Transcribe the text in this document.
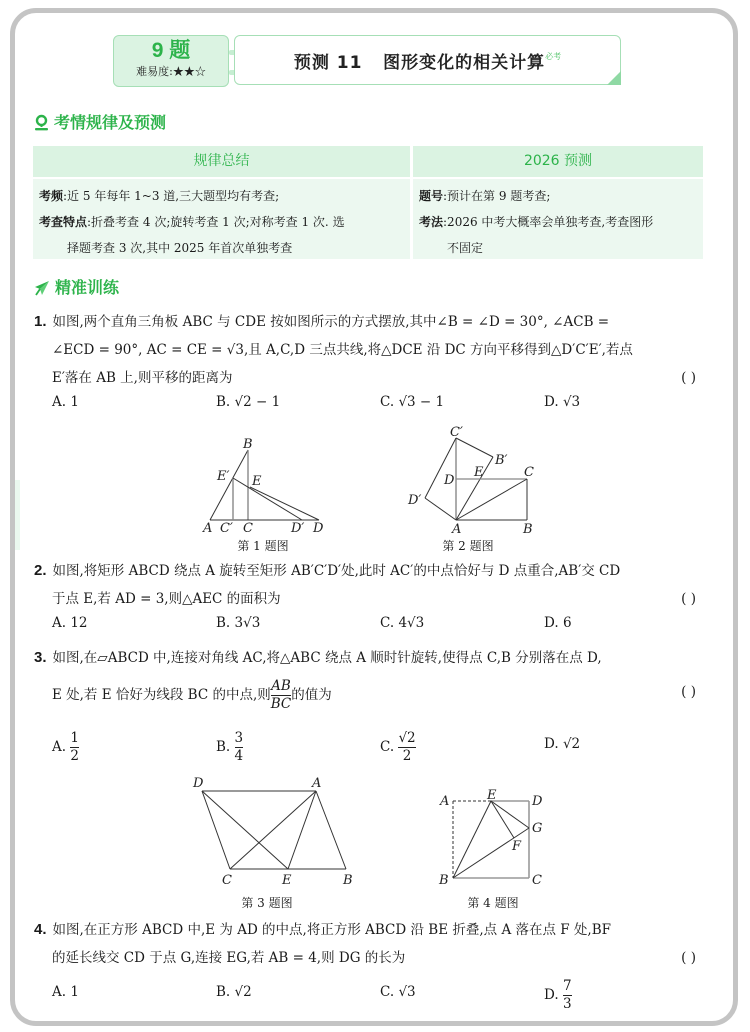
9 题
难易度:★★☆	预测 11   图形变化的相关计算$^{必考}$
考情规律及预测
规律总结	2026 预测
考频:近 5 年每年 1~3 道,三大题型均有考查;
考查特点:折叠考查 4 次;旋转考查 1 次;对称考查 1 次. 选
择题考查 3 次,其中 2025 年首次单独考查
题号:预计在第 9 题考查;
考法:2026 中考大概率会单独考查,考查图形
不固定
精准训练
1. 如图,两个直角三角板 ABC 与 CDE 按如图所示的方式摆放,其中∠B = ∠D = 30°, ∠ACB =
∠ECD = 90°, AC = CE = √3,且 A,C,D 三点共线,将△DCE 沿 DC 方向平移得到△D′C′E′,若点
E′落在 AB 上,则平移的距离为	( )
A. 1	B. √2 − 1	C. √3 − 1	D. √3
B
E′ E
A C′ C	D′ D
第 1 题图
C′
B′
D
E	C
D′
A	B
第 2 题图
2. 如图,将矩形 ABCD 绕点 A 旋转至矩形 AB′C′D′处,此时 AC′的中点恰好与 D 点重合,AB′交 CD
于点 E,若 AD = 3,则△AEC 的面积为	( )
A. 12	B. 3√3	C. 4√3	D. 6
3. 如图,在▱ABCD 中,连接对角线 AC,将△ABC 绕点 A 顺时针旋转,使得点 C,B 分别落在点 D,
E 处,若 E 恰好为线段 BC 的中点,则 $\frac{AB}{BC}$ 的值为	( )
A. $\frac{1}{2}$	B. $\frac{3}{4}$	C. $\frac{√2}{2}$	D. √2
D	A
C	E	B
第 3 题图
A	E	D
G
F
B	C
第 4 题图
4. 如图,在正方形 ABCD 中,E 为 AD 的中点,将正方形 ABCD 沿 BE 折叠,点 A 落在点 F 处,BF
的延长线交 CD 于点 G,连接 EG,若 AB = 4,则 DG 的长为	( )
A. 1	B. √2	C. √3	D. $\frac{7}{3}$
